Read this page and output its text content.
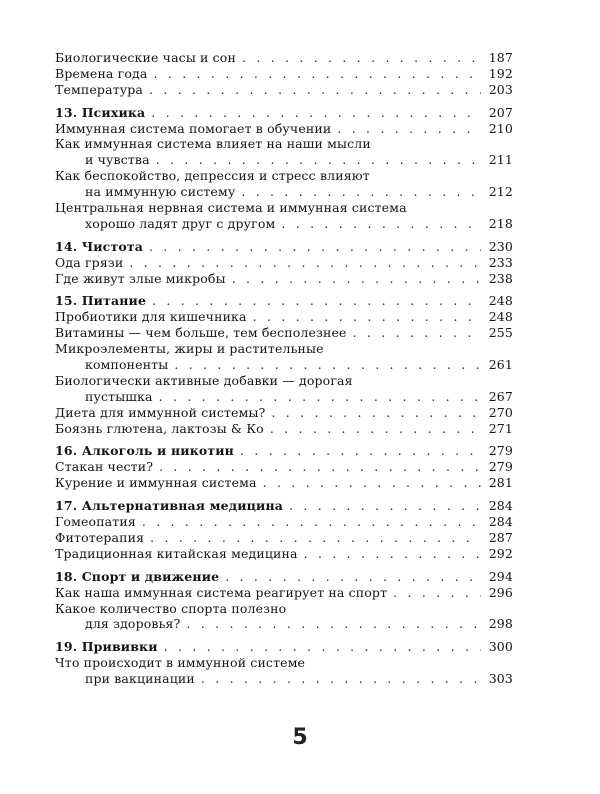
Биологические часы и сон . . .	187
Времена года . . .	192
Температура . . .	203
13. Психика . . .	207
Иммунная система помогает в обучении . . .	210
Как иммунная система влияет на наши мысли
и чувства . . .	211
Как беспокойство, депрессия и стресс влияют
на иммунную систему . . .	212
Центральная нервная система и иммунная система
хорошо ладят друг с другом . . .	218
14. Чистота . . .	230
Ода грязи . . .	233
Где живут злые микробы . . .	238
15. Питание . . .	248
Пробиотики для кишечника . . .	248
Витамины — чем больше, тем бесполезнее . . .	255
Микроэлементы, жиры и растительные
компоненты . . .	261
Биологически активные добавки — дорогая
пустышка . . .	267
Диета для иммунной системы? . . .	270
Боязнь глютена, лактозы & Ко . . .	271
16. Алкоголь и никотин . . .	279
Стакан чести? . . .	279
Курение и иммунная система . . .	281
17. Альтернативная медицина . . .	284
Гомеопатия . . .	284
Фитотерапия . . .	287
Традиционная китайская медицина . . .	292
18. Спорт и движение . . .	294
Как наша иммунная система реагирует на спорт . . .	296
Какое количество спорта полезно
для здоровья? . . .	298
19. Прививки . . .	300
Что происходит в иммунной системе
при вакцинации . . .	303
5
